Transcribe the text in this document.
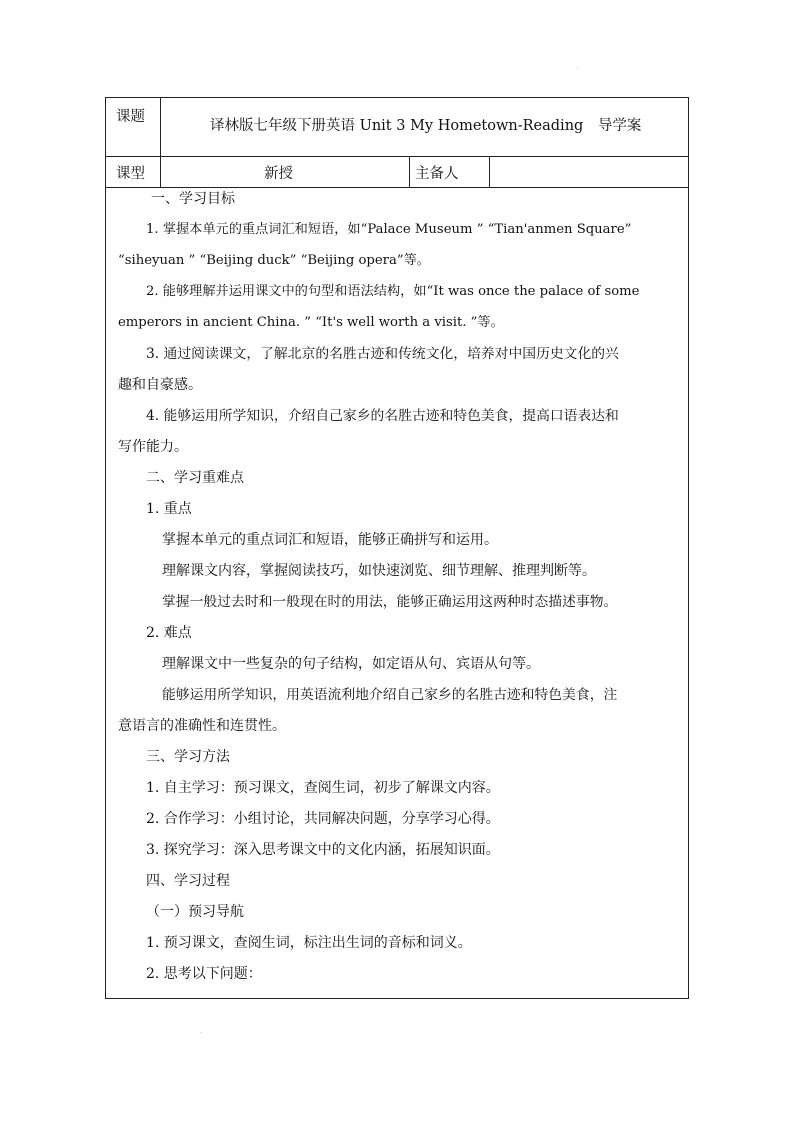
·
课题
译林版七年级下册英语 Unit 3 My Hometown-Reading　导学案
课型	新授	主备人
一、学习目标
1. 掌握本单元的重点词汇和短语，如“Palace Museum ” “Tian'anmen Square”
“siheyuan ” “Beijing duck” “Beijing opera”等。
2. 能够理解并运用课文中的句型和语法结构，如“It was once the palace of some
emperors in ancient China. ” “It's well worth a visit. ”等。
3. 通过阅读课文，了解北京的名胜古迹和传统文化，培养对中国历史文化的兴
趣和自豪感。
4. 能够运用所学知识，介绍自己家乡的名胜古迹和特色美食，提高口语表达和
写作能力。
二、学习重难点
1. 重点
掌握本单元的重点词汇和短语，能够正确拼写和运用。
理解课文内容，掌握阅读技巧，如快速浏览、细节理解、推理判断等。
掌握一般过去时和一般现在时的用法，能够正确运用这两种时态描述事物。
2. 难点
理解课文中一些复杂的句子结构，如定语从句、宾语从句等。
能够运用所学知识，用英语流利地介绍自己家乡的名胜古迹和特色美食，注
意语言的准确性和连贯性。
三、学习方法
1. 自主学习：预习课文，查阅生词，初步了解课文内容。
2. 合作学习：小组讨论，共同解决问题，分享学习心得。
3. 探究学习：深入思考课文中的文化内涵，拓展知识面。
四、学习过程
（一）预习导航
1. 预习课文，查阅生词，标注出生词的音标和词义。
2. 思考以下问题：
·
